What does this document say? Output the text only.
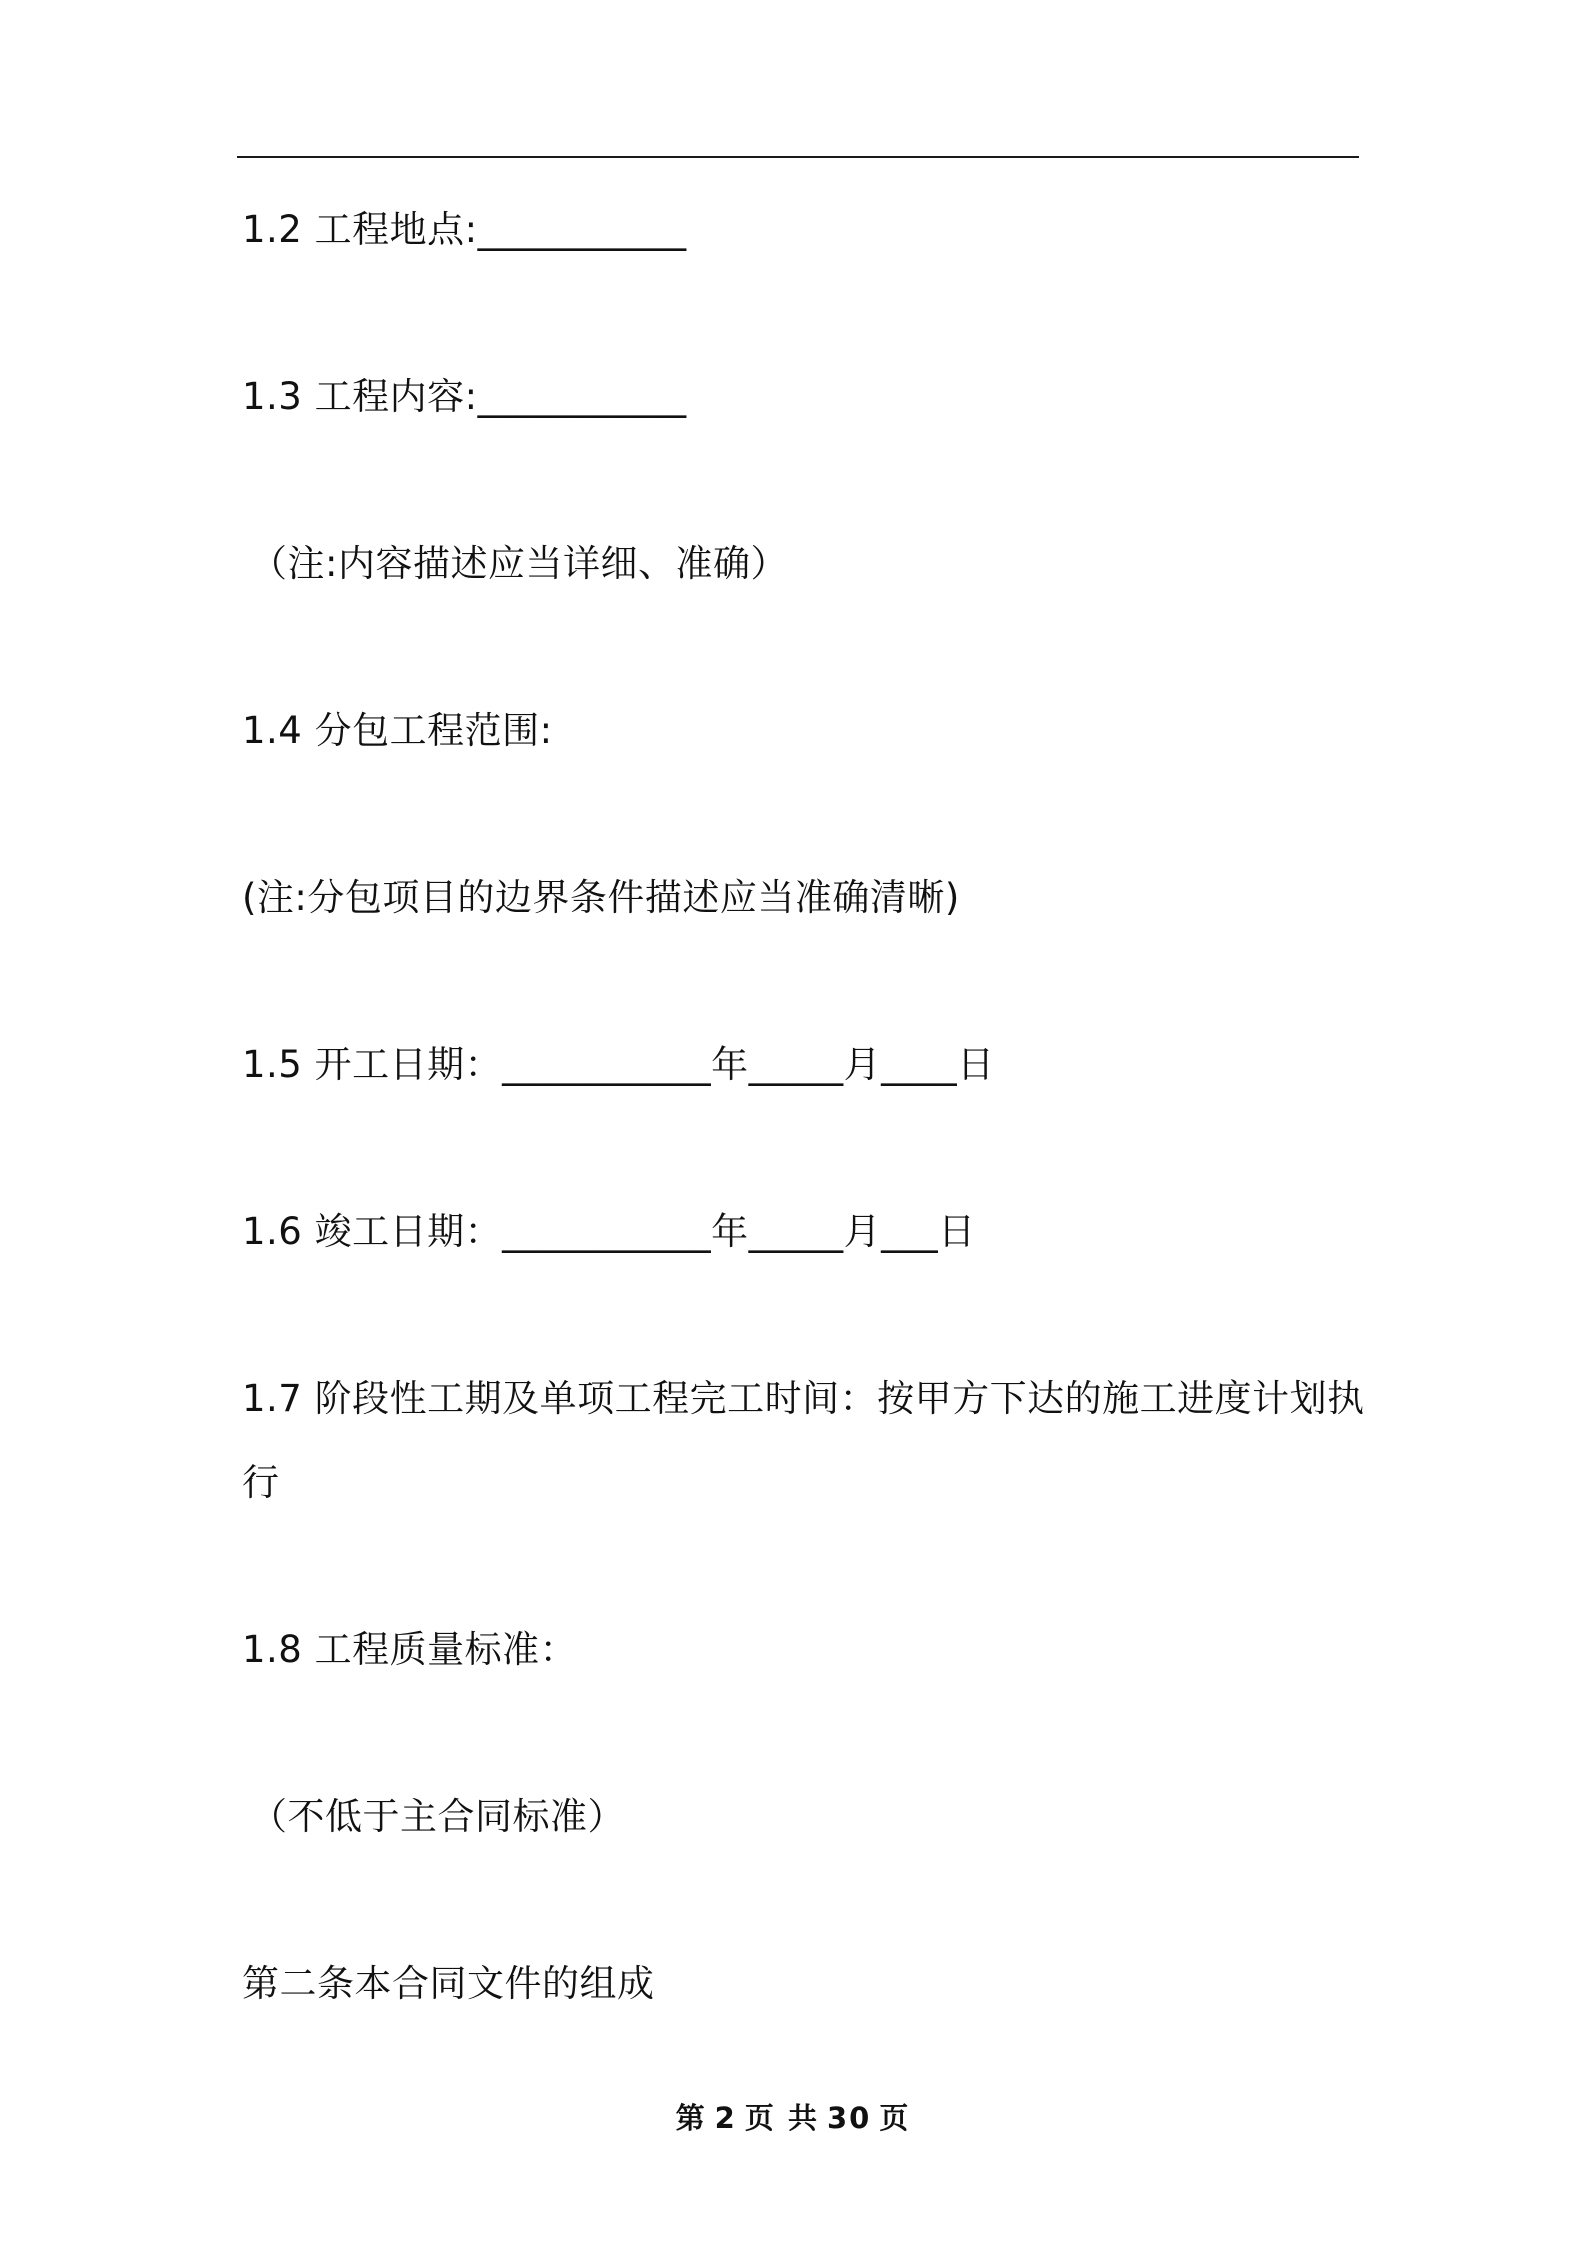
1.2 工程地点:___________

1.3 工程内容:___________

（注:内容描述应当详细、准确）

1.4 分包工程范围:

(注:分包项目的边界条件描述应当准确清晰)

1.5 开工日期：___________年_____月____日

1.6 竣工日期：___________年_____月___日

1.7 阶段性工期及单项工程完工时间：按甲方下达的施工进度计划执行

1.8 工程质量标准：

（不低于主合同标准）

第二条本合同文件的组成

第 2 页 共 30 页
